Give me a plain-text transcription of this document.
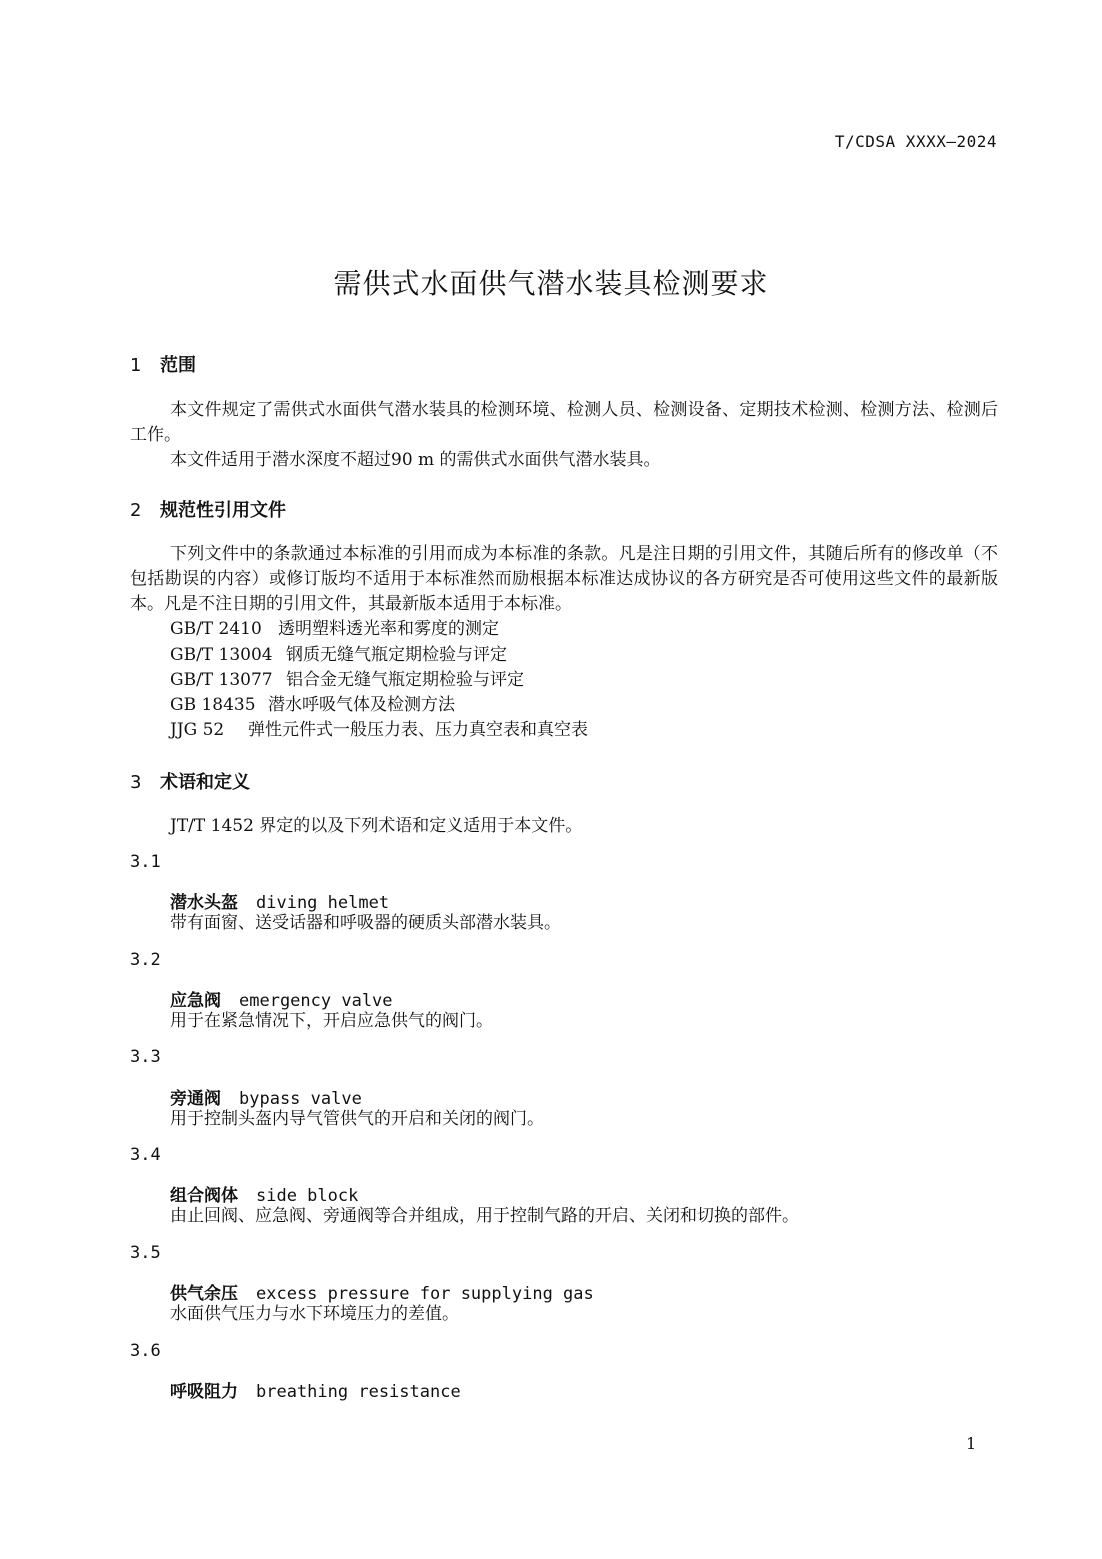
T/CDSA XXXX—2024
需供式水面供气潜水装具检测要求
1 范围

本文件规定了需供式水面供气潜水装具的检测环境、检测人员、检测设备、定期技术检测、检测方法、检测后工作。

本文件适用于潜水深度不超过90 m 的需供式水面供气潜水装具。

2 规范性引用文件

下列文件中的条款通过本标准的引用而成为本标准的条款。凡是注日期的引用文件，其随后所有的修改单（不包括勘误的内容）或修订版均不适用于本标准然而励根据本标准达成协议的各方研究是否可使用这些文件的最新版本。凡是不注日期的引用文件，其最新版本适用于本标准。

GB/T 2410 透明塑料透光率和雾度的测定

GB/T 13004 钢质无缝气瓶定期检验与评定

GB/T 13077 铝合金无缝气瓶定期检验与评定

GB 18435 潜水呼吸气体及检测方法

JJG 52 弹性元件式一般压力表、压力真空表和真空表

3 术语和定义

JT/T 1452 界定的以及下列术语和定义适用于本文件。

3.1

潜水头盔 diving helmet

带有面窗、送受话器和呼吸器的硬质头部潜水装具。

3.2

应急阀 emergency valve

用于在紧急情况下，开启应急供气的阀门。

3.3

旁通阀 bypass valve

用于控制头盔内导气管供气的开启和关闭的阀门。

3.4

组合阀体 side block

由止回阀、应急阀、旁通阀等合并组成，用于控制气路的开启、关闭和切换的部件。

3.5

供气余压 excess pressure for supplying gas

水面供气压力与水下环境压力的差值。

3.6

呼吸阻力 breathing resistance

1
